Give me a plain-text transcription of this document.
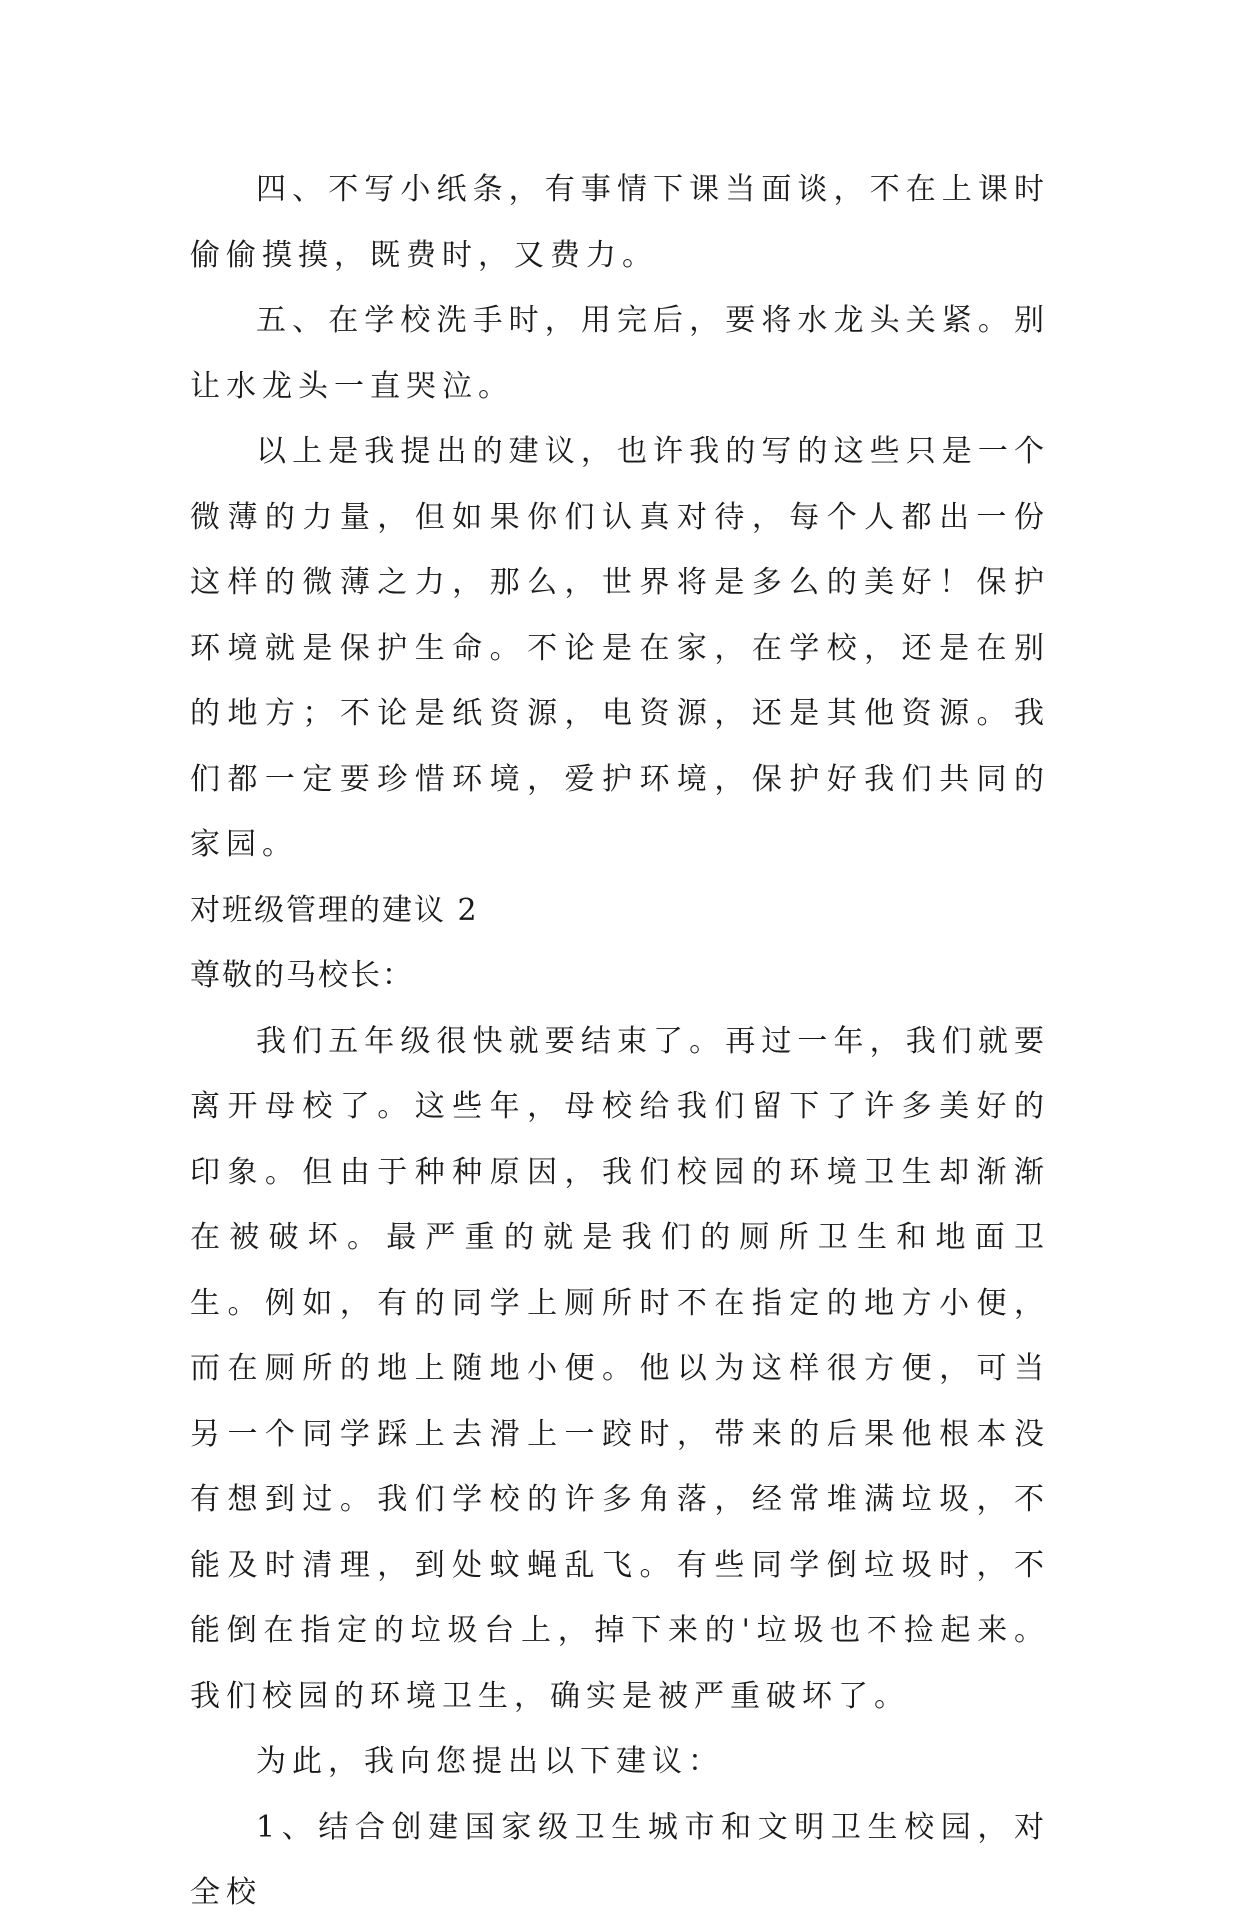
四、不写小纸条，有事情下课当面谈，不在上课时偷偷摸摸，既费时，又费力。

五、在学校洗手时，用完后，要将水龙头关紧。别让水龙头一直哭泣。

以上是我提出的建议，也许我的写的这些只是一个微薄的力量，但如果你们认真对待，每个人都出一份这样的微薄之力，那么，世界将是多么的美好！保护环境就是保护生命。不论是在家，在学校，还是在别的地方；不论是纸资源，电资源，还是其他资源。我们都一定要珍惜环境，爱护环境，保护好我们共同的家园。

对班级管理的建议 2

尊敬的马校长：

我们五年级很快就要结束了。再过一年，我们就要离开母校了。这些年，母校给我们留下了许多美好的印象。但由于种种原因，我们校园的环境卫生却渐渐在被破坏。最严重的就是我们的厕所卫生和地面卫生。例如，有的同学上厕所时不在指定的地方小便，而在厕所的地上随地小便。他以为这样很方便，可当另一个同学踩上去滑上一跤时，带来的后果他根本没有想到过。我们学校的许多角落，经常堆满垃圾，不能及时清理，到处蚊蝇乱飞。有些同学倒垃圾时，不能倒在指定的垃圾台上，掉下来的'垃圾也不捡起来。我们校园的环境卫生，确实是被严重破坏了。

为此，我向您提出以下建议：

1、结合创建国家级卫生城市和文明卫生校园，对全校
